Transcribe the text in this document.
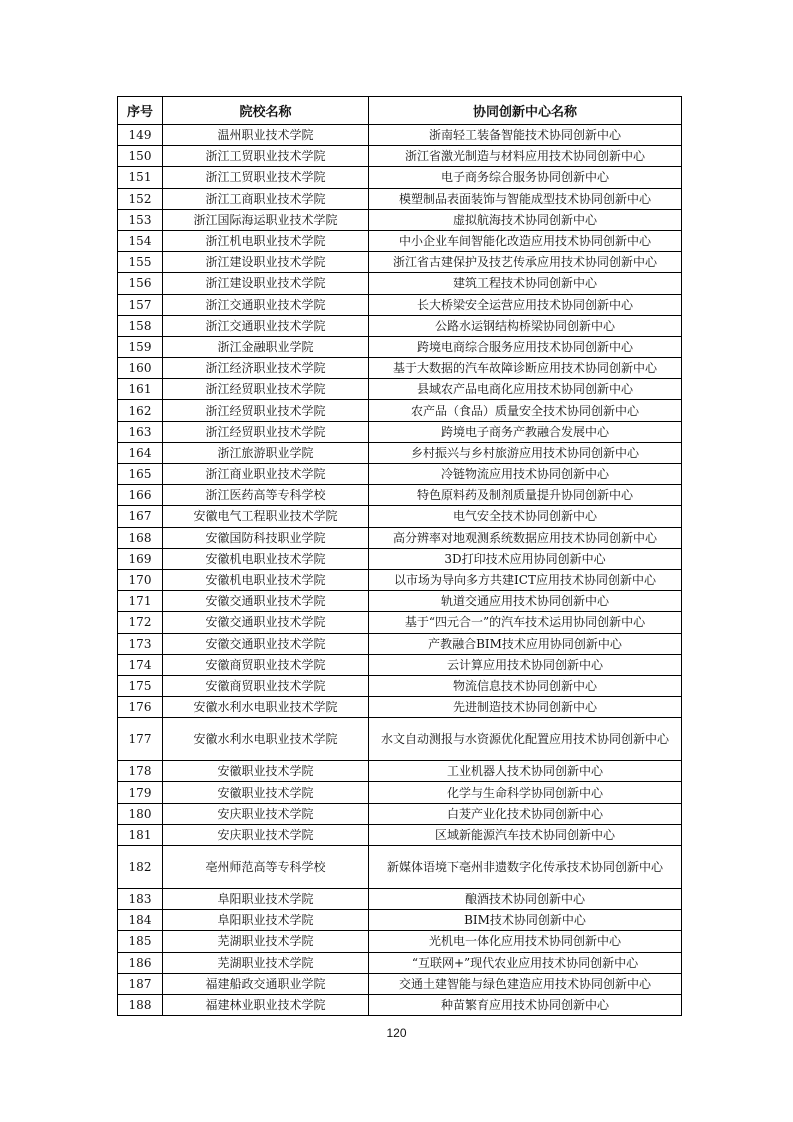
序号	院校名称	协同创新中心名称
149	温州职业技术学院	浙南轻工装备智能技术协同创新中心
150	浙江工贸职业技术学院	浙江省激光制造与材料应用技术协同创新中心
151	浙江工贸职业技术学院	电子商务综合服务协同创新中心
152	浙江工商职业技术学院	模塑制品表面装饰与智能成型技术协同创新中心
153	浙江国际海运职业技术学院	虚拟航海技术协同创新中心
154	浙江机电职业技术学院	中小企业车间智能化改造应用技术协同创新中心
155	浙江建设职业技术学院	浙江省古建保护及技艺传承应用技术协同创新中心
156	浙江建设职业技术学院	建筑工程技术协同创新中心
157	浙江交通职业技术学院	长大桥梁安全运营应用技术协同创新中心
158	浙江交通职业技术学院	公路水运钢结构桥梁协同创新中心
159	浙江金融职业学院	跨境电商综合服务应用技术协同创新中心
160	浙江经济职业技术学院	基于大数据的汽车故障诊断应用技术协同创新中心
161	浙江经贸职业技术学院	县域农产品电商化应用技术协同创新中心
162	浙江经贸职业技术学院	农产品（食品）质量安全技术协同创新中心
163	浙江经贸职业技术学院	跨境电子商务产教融合发展中心
164	浙江旅游职业学院	乡村振兴与乡村旅游应用技术协同创新中心
165	浙江商业职业技术学院	冷链物流应用技术协同创新中心
166	浙江医药高等专科学校	特色原料药及制剂质量提升协同创新中心
167	安徽电气工程职业技术学院	电气安全技术协同创新中心
168	安徽国防科技职业学院	高分辨率对地观测系统数据应用技术协同创新中心
169	安徽机电职业技术学院	3D打印技术应用协同创新中心
170	安徽机电职业技术学院	以市场为导向多方共建ICT应用技术协同创新中心
171	安徽交通职业技术学院	轨道交通应用技术协同创新中心
172	安徽交通职业技术学院	基于“四元合一”的汽车技术运用协同创新中心
173	安徽交通职业技术学院	产教融合BIM技术应用协同创新中心
174	安徽商贸职业技术学院	云计算应用技术协同创新中心
175	安徽商贸职业技术学院	物流信息技术协同创新中心
176	安徽水利水电职业技术学院	先进制造技术协同创新中心
177	安徽水利水电职业技术学院	水文自动测报与水资源优化配置应用技术协同创新中心
178	安徽职业技术学院	工业机器人技术协同创新中心
179	安徽职业技术学院	化学与生命科学协同创新中心
180	安庆职业技术学院	白茇产业化技术协同创新中心
181	安庆职业技术学院	区域新能源汽车技术协同创新中心
182	亳州师范高等专科学校	新媒体语境下亳州非遗数字化传承技术协同创新中心
183	阜阳职业技术学院	酿酒技术协同创新中心
184	阜阳职业技术学院	BIM技术协同创新中心
185	芜湖职业技术学院	光机电一体化应用技术协同创新中心
186	芜湖职业技术学院	“互联网+”现代农业应用技术协同创新中心
187	福建船政交通职业学院	交通土建智能与绿色建造应用技术协同创新中心
188	福建林业职业技术学院	种苗繁育应用技术协同创新中心
120
